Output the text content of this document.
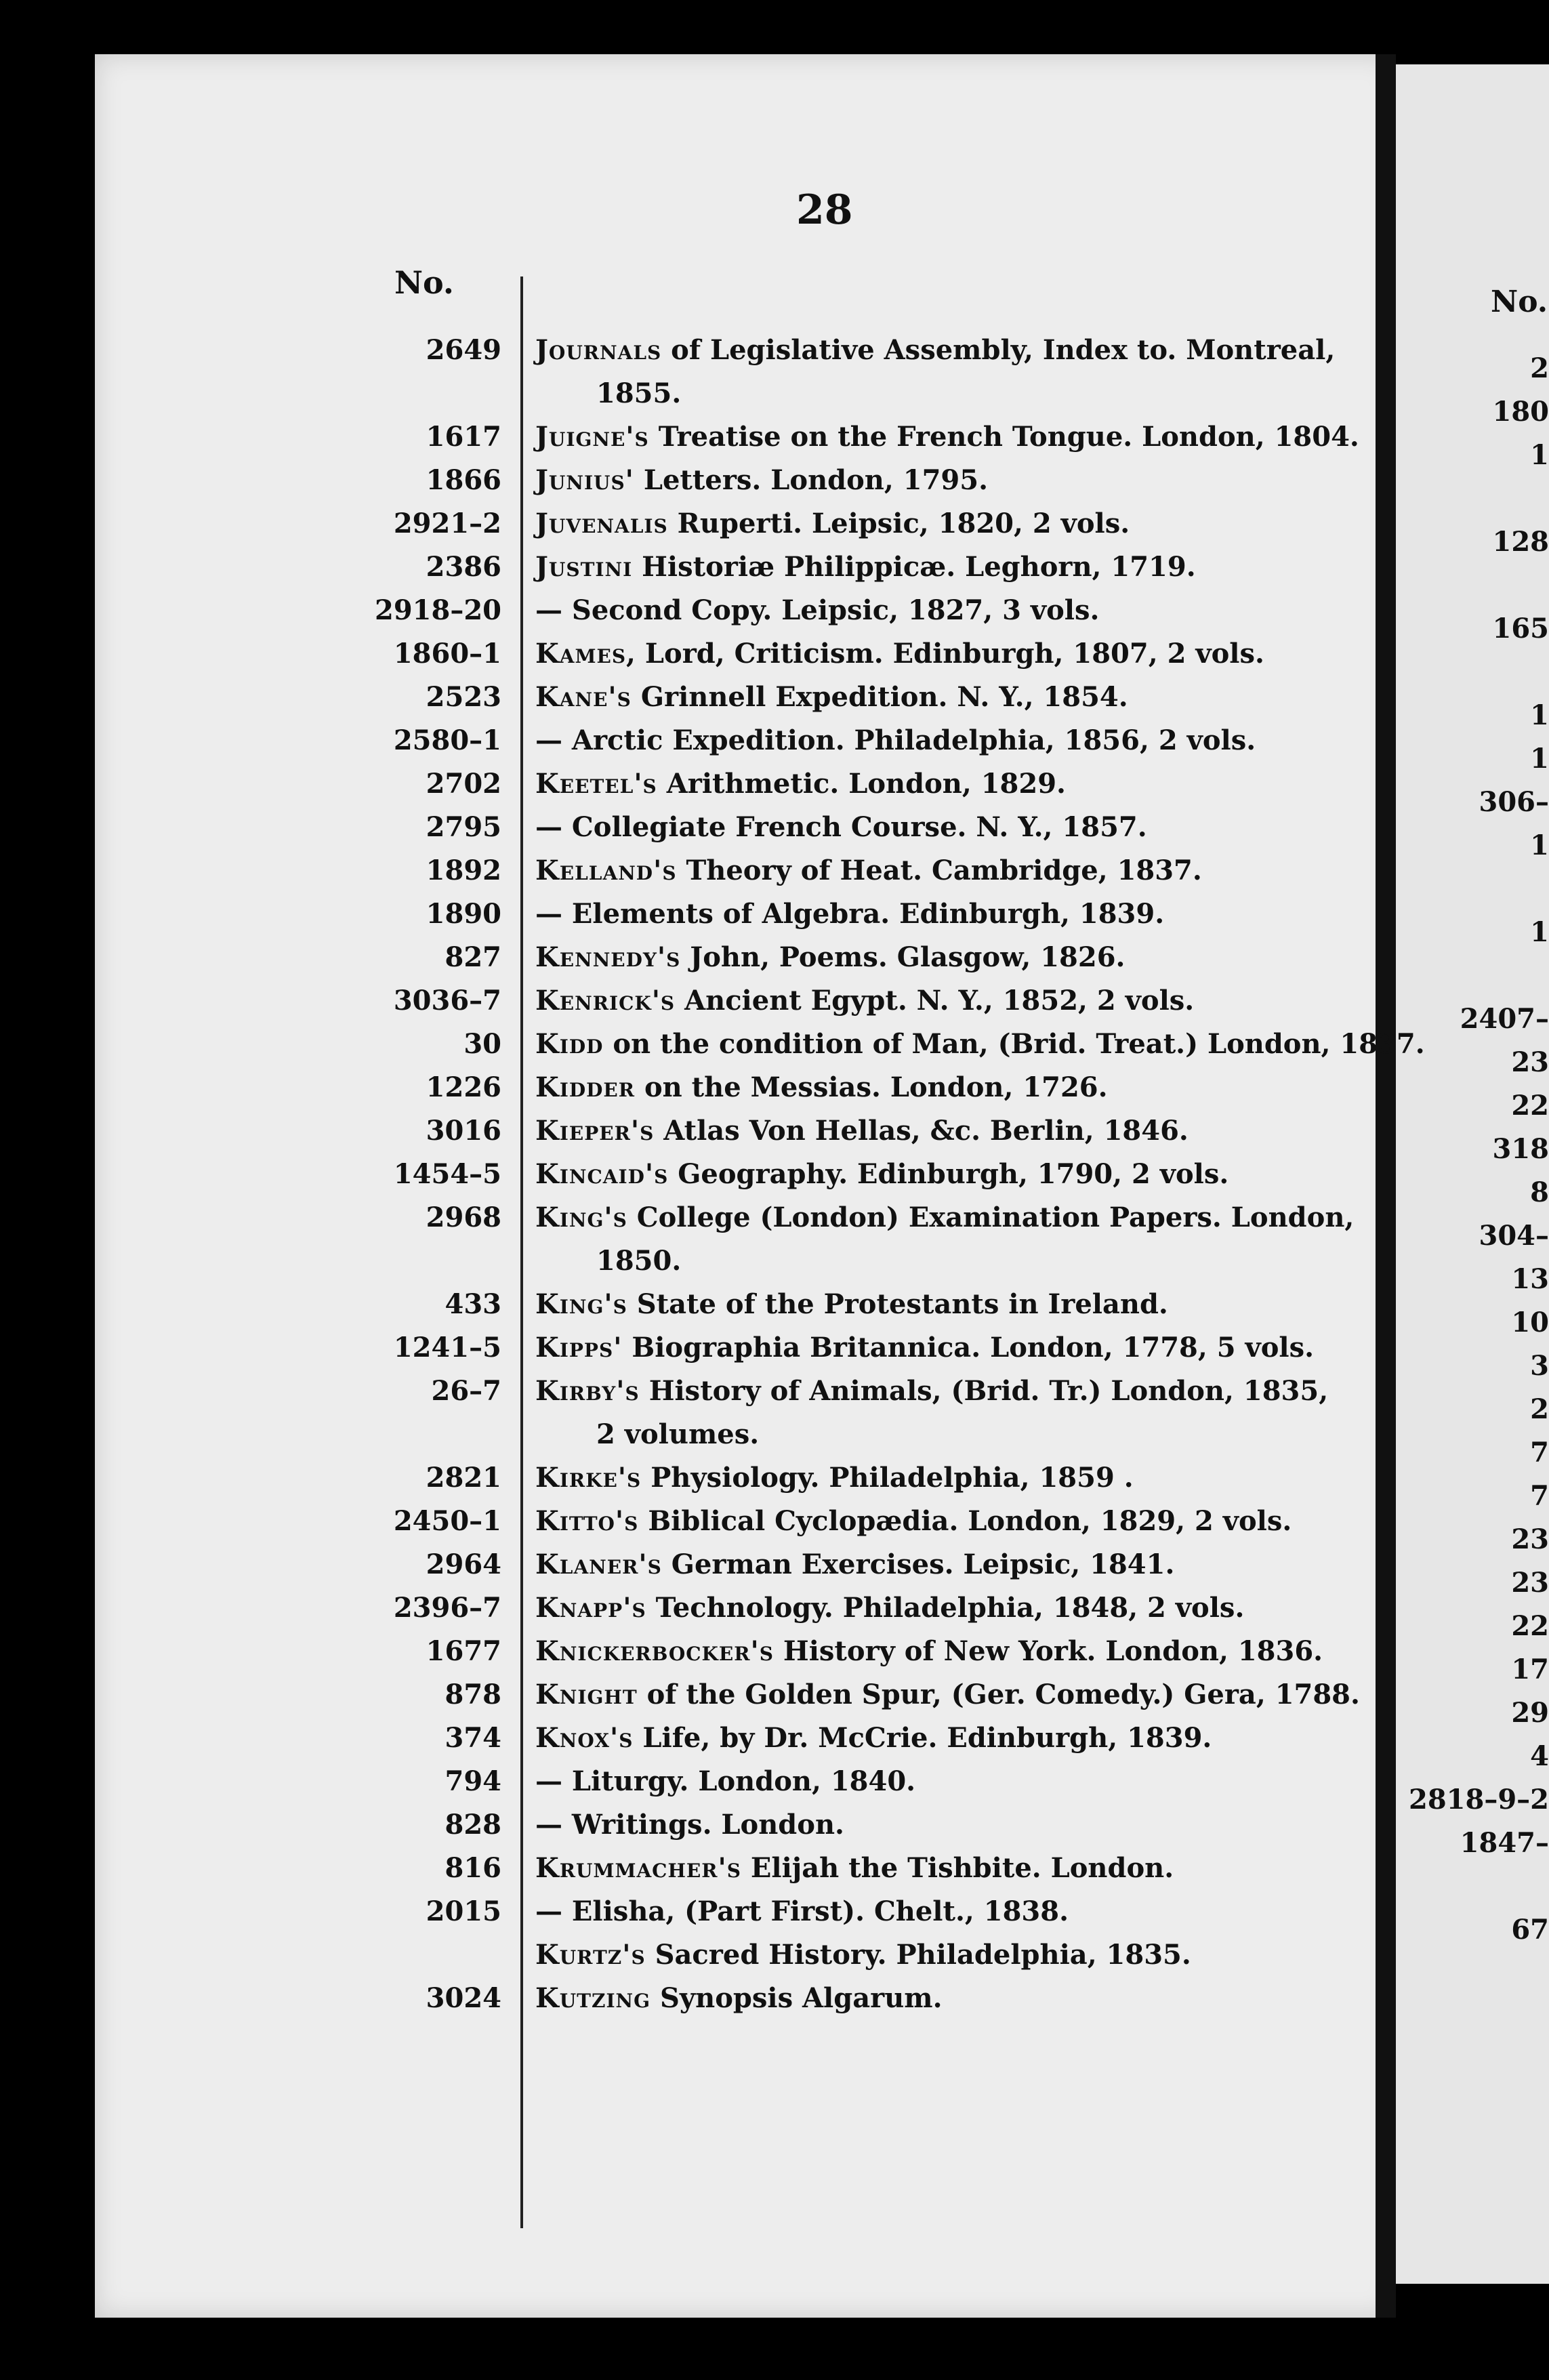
28
No.
2649 Journals of Legislative Assembly, Index to. Montreal,
1855.
1617 Juigne's Treatise on the French Tongue. London, 1804.
1866 Junius' Letters. London, 1795.
2921–2 Juvenalis Ruperti. Leipsic, 1820, 2 vols.
2386 Justini Historiæ Philippicæ. Leghorn, 1719.
2918–20 — Second Copy. Leipsic, 1827, 3 vols.
1860–1 Kames, Lord, Criticism. Edinburgh, 1807, 2 vols.
2523 Kane's Grinnell Expedition. N. Y., 1854.
2580–1 — Arctic Expedition. Philadelphia, 1856, 2 vols.
2702 Keetel's Arithmetic. London, 1829.
2795 — Collegiate French Course. N. Y., 1857.
1892 Kelland's Theory of Heat. Cambridge, 1837.
1890 — Elements of Algebra. Edinburgh, 1839.
827 Kennedy's John, Poems. Glasgow, 1826.
3036–7 Kenrick's Ancient Egypt. N. Y., 1852, 2 vols.
30 Kidd on the condition of Man, (Brid. Treat.) London, 1837.
1226 Kidder on the Messias. London, 1726.
3016 Kieper's Atlas Von Hellas, &c. Berlin, 1846.
1454–5 Kincaid's Geography. Edinburgh, 1790, 2 vols.
2968 King's College (London) Examination Papers. London,
1850.
433 King's State of the Protestants in Ireland.
1241–5 Kipps' Biographia Britannica. London, 1778, 5 vols.
26–7 Kirby's History of Animals, (Brid. Tr.) London, 1835,
2 volumes.
2821 Kirke's Physiology. Philadelphia, 1859 .
2450–1 Kitto's Biblical Cyclopædia. London, 1829, 2 vols.
2964 Klaner's German Exercises. Leipsic, 1841.
2396–7 Knapp's Technology. Philadelphia, 1848, 2 vols.
1677 Knickerbocker's History of New York. London, 1836.
878 Knight of the Golden Spur, (Ger. Comedy.) Gera, 1788.
374 Knox's Life, by Dr. McCrie. Edinburgh, 1839.
794 — Liturgy. London, 1840.
828 — Writings. London.
816 Krummacher's Elijah the Tishbite. London.
2015 — Elisha, (Part First). Chelt., 1838.
Kurtz's Sacred History. Philadelphia, 1835.
3024 Kutzing Synopsis Algarum.
No.
2
180
1
128
165
1
1
306–
1
1
2407–
23
22
318
8
304–
13
10
3
2
7
7
23
23
22
17
29
4
2818–9–2
1847–
67
